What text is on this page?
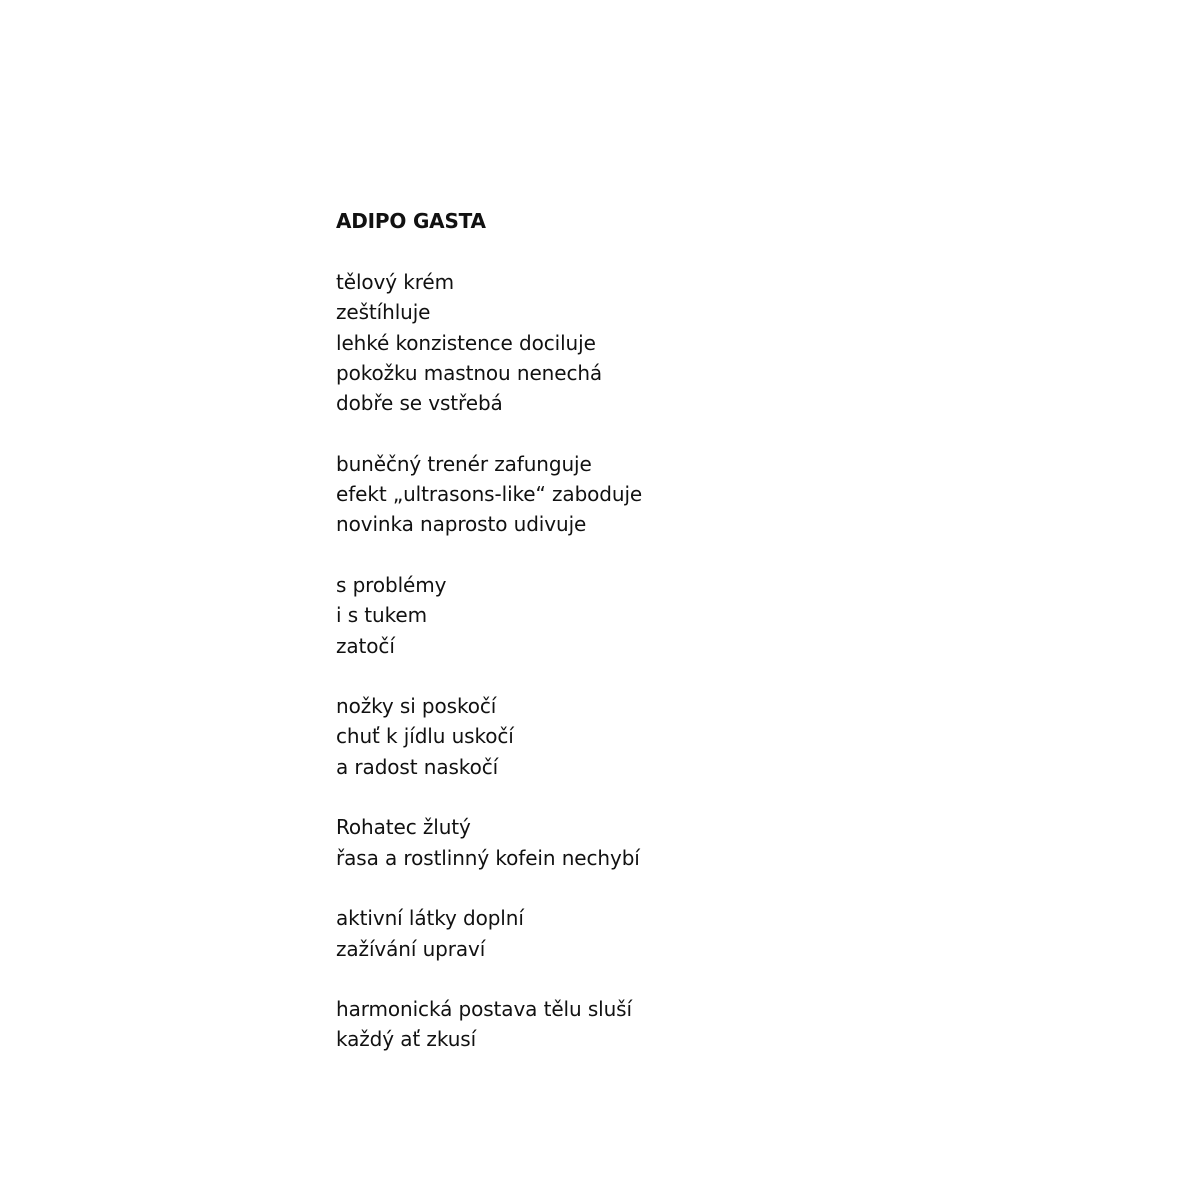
ADIPO GASTA
tělový krém
zeštíhluje
lehké konzistence dociluje
pokožku mastnou nenechá
dobře se vstřebá
buněčný trenér zafunguje
efekt „ultrasons-like“ zaboduje
novinka naprosto udivuje
s problémy
i s tukem
zatočí
nožky si poskočí
chuť k jídlu uskočí
a radost naskočí
Rohatec žlutý
řasa a rostlinný kofein nechybí
aktivní látky doplní
zažívání upraví
harmonická postava tělu sluší
každý ať zkusí
